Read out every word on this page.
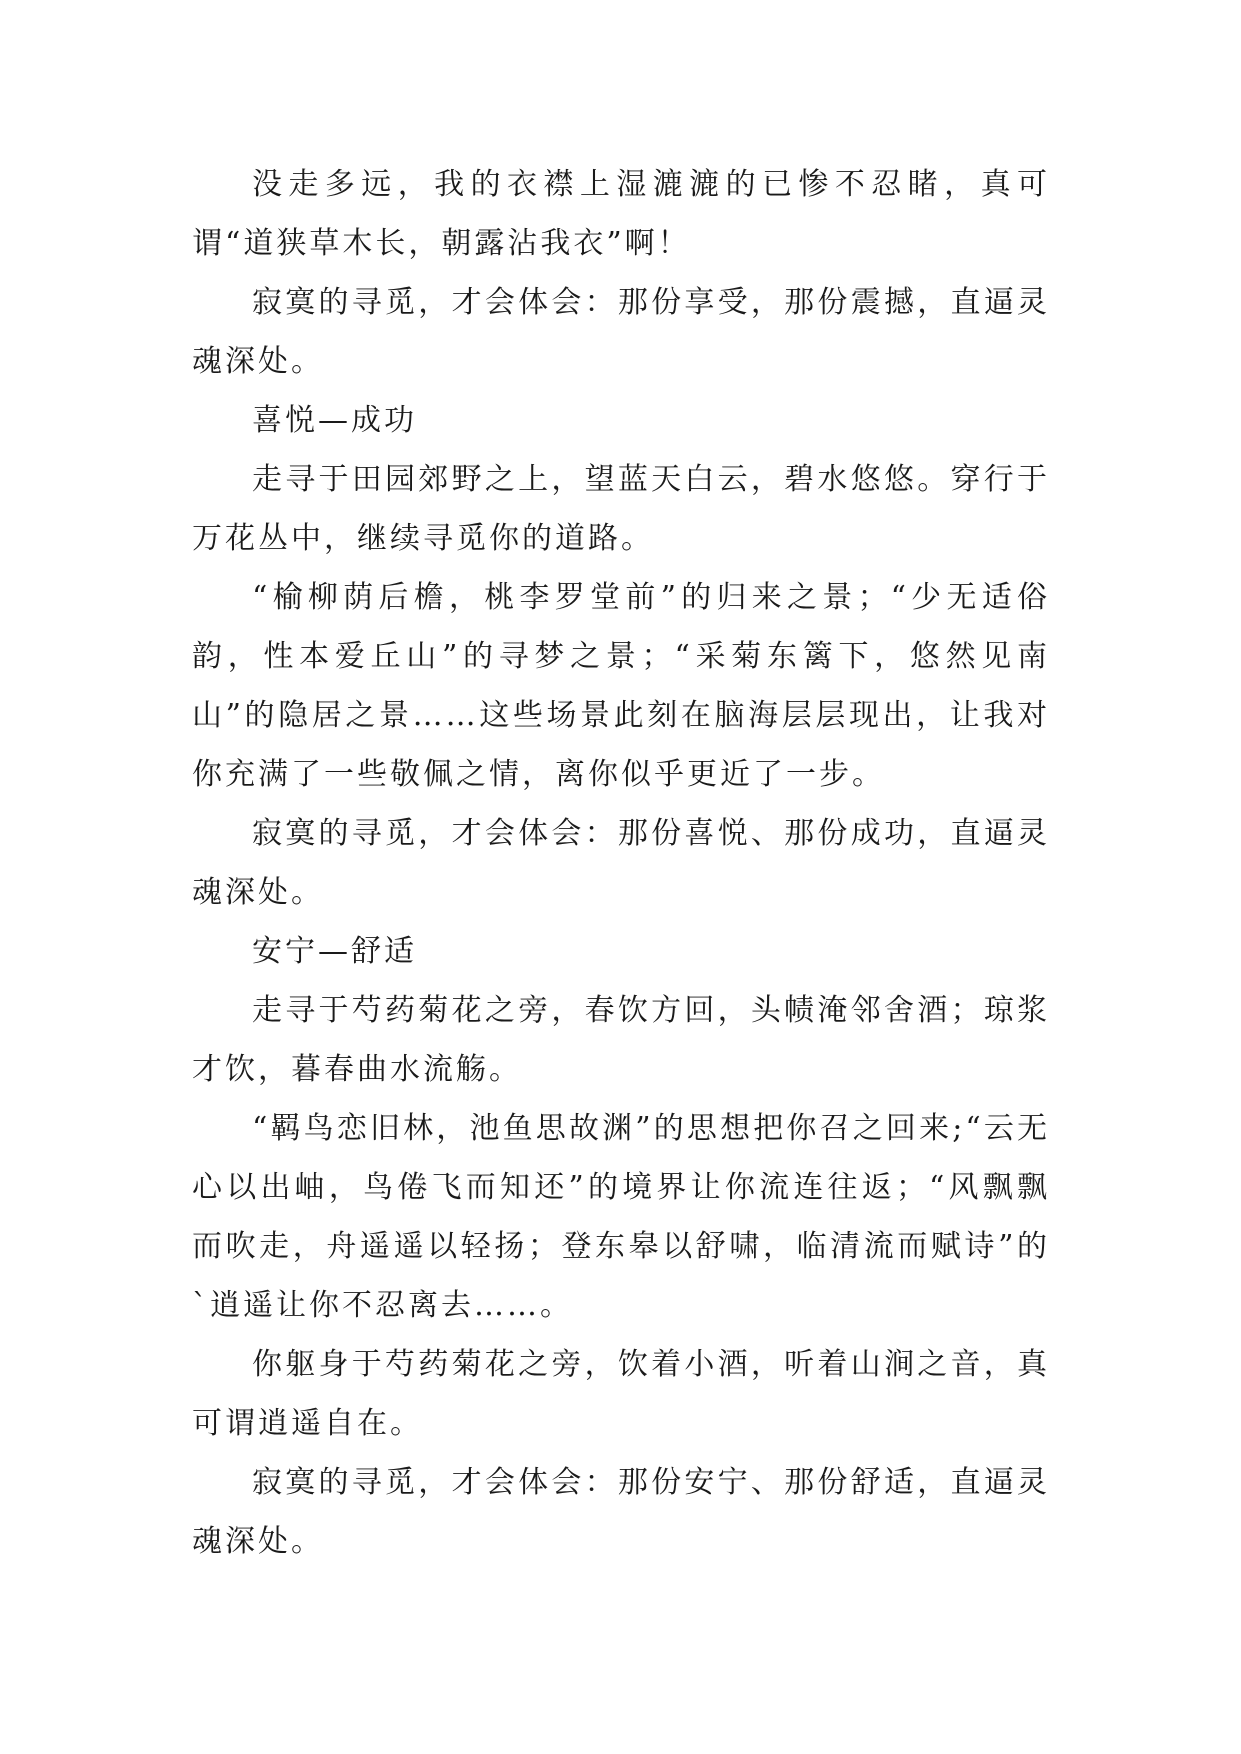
没走多远，我的衣襟上湿漉漉的已惨不忍睹，真可谓“道狭草木长，朝露沾我衣”啊！

寂寞的寻觅，才会体会：那份享受，那份震撼，直逼灵魂深处。

喜悦—成功

走寻于田园郊野之上，望蓝天白云，碧水悠悠。穿行于万花丛中，继续寻觅你的道路。

“榆柳荫后檐，桃李罗堂前”的归来之景；“少无适俗韵，性本爱丘山”的寻梦之景；“采菊东篱下，悠然见南山”的隐居之景……这些场景此刻在脑海层层现出，让我对你充满了一些敬佩之情，离你似乎更近了一步。

寂寞的寻觅，才会体会：那份喜悦、那份成功，直逼灵魂深处。

安宁—舒适

走寻于芍药菊花之旁，春饮方回，头帻淹邻舍酒；琼浆才饮，暮春曲水流觞。

“羁鸟恋旧林，池鱼思故渊”的思想把你召之回来;“云无心以出岫，鸟倦飞而知还”的境界让你流连往返；“风飘飘而吹走，舟遥遥以轻扬；登东皋以舒啸，临清流而赋诗”的`逍遥让你不忍离去……。

你躯身于芍药菊花之旁，饮着小酒，听着山涧之音，真可谓逍遥自在。

寂寞的寻觅，才会体会：那份安宁、那份舒适，直逼灵魂深处。
